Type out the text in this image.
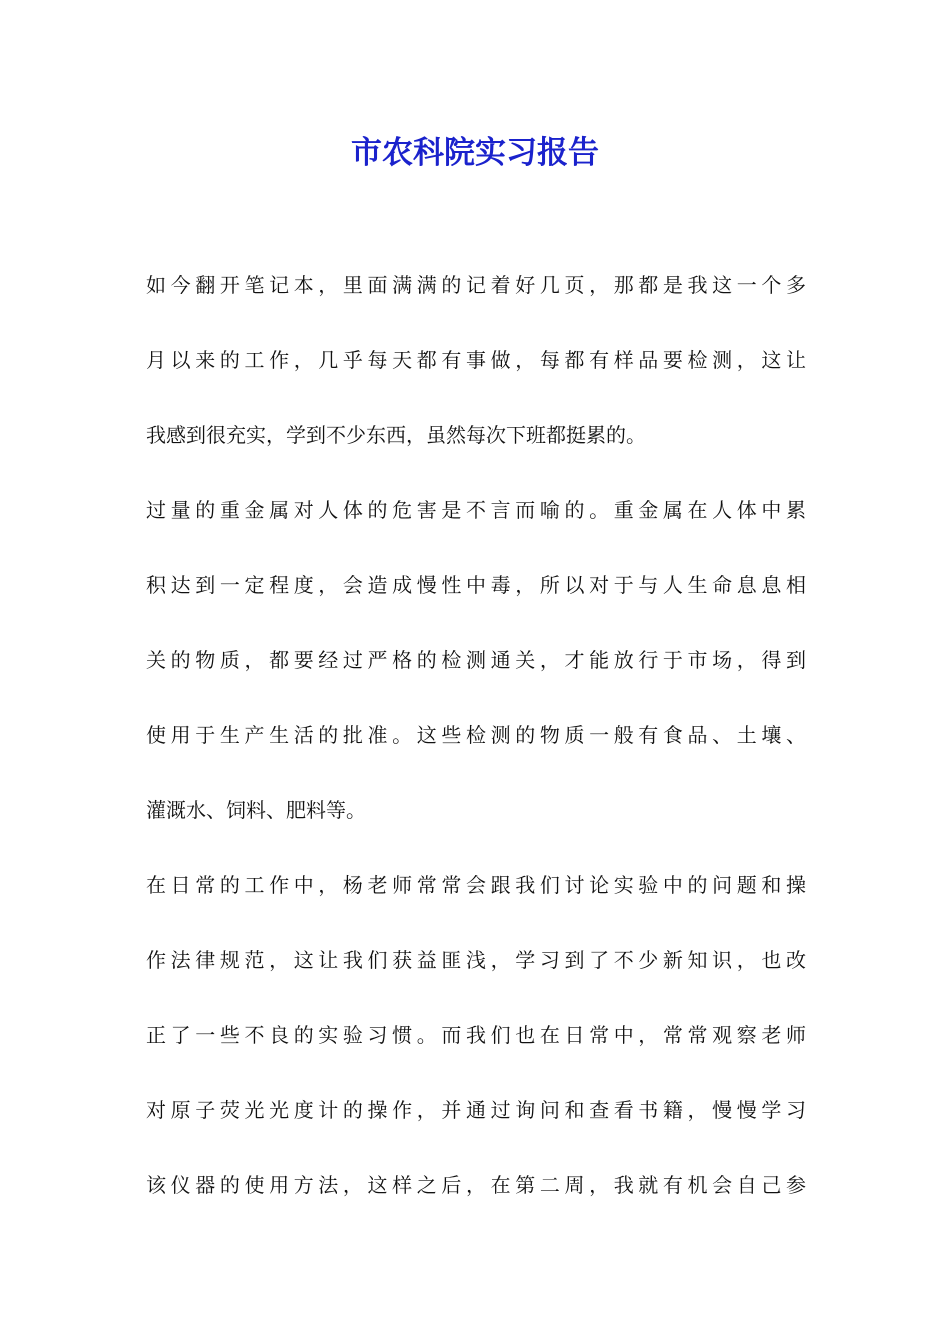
市农科院实习报告
如今翻开笔记本，里面满满的记着好几页，那都是我这一个多
月以来的工作，几乎每天都有事做，每都有样品要检测，这让
我感到很充实，学到不少东西，虽然每次下班都挺累的。
过量的重金属对人体的危害是不言而喻的。重金属在人体中累
积达到一定程度，会造成慢性中毒，所以对于与人生命息息相
关的物质，都要经过严格的检测通关，才能放行于市场，得到
使用于生产生活的批准。这些检测的物质一般有食品、土壤、
灌溉水、饲料、肥料等。
在日常的工作中，杨老师常常会跟我们讨论实验中的问题和操
作法律规范，这让我们获益匪浅，学习到了不少新知识，也改
正了一些不良的实验习惯。而我们也在日常中，常常观察老师
对原子荧光光度计的操作，并通过询问和查看书籍，慢慢学习
该仪器的使用方法，这样之后，在第二周，我就有机会自己参
